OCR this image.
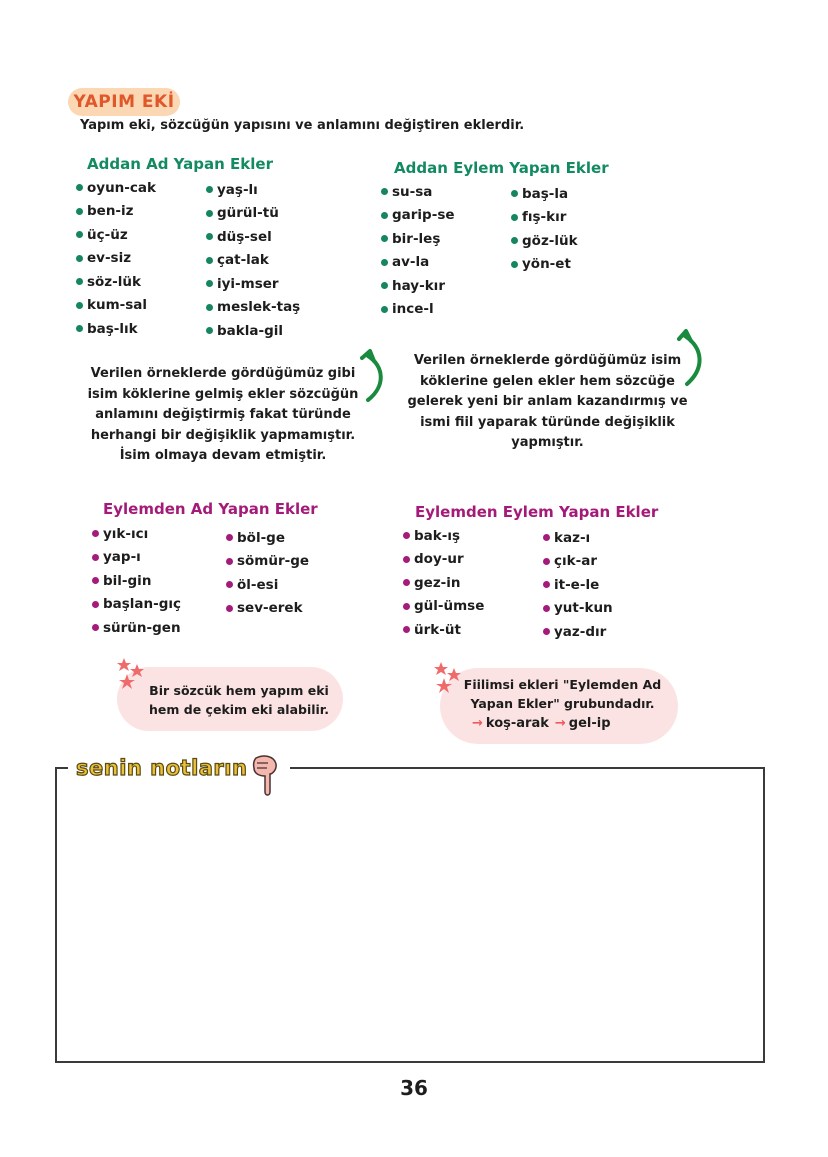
YAPIM EKİ
Yapım eki, sözcüğün yapısını ve anlamını değiştiren eklerdir.
Addan Ad Yapan Ekler
oyun-cak
ben-iz
üç-üz
ev-siz
söz-lük
kum-sal
baş-lık
yaş-lı
gürül-tü
düş-sel
çat-lak
iyi-mser
meslek-taş
bakla-gil
Addan Eylem Yapan Ekler
su-sa
garip-se
bir-leş
av-la
hay-kır
ince-l
baş-la
fış-kır
göz-lük
yön-et
Verilen örneklerde gördüğümüz gibi
isim köklerine gelmiş ekler sözcüğün
anlamını değiştirmiş fakat türünde
herhangi bir değişiklik yapmamıştır.
İsim olmaya devam etmiştir.
Verilen örneklerde gördüğümüz isim
köklerine gelen ekler hem sözcüğe
gelerek yeni bir anlam kazandırmış ve
ismi fiil yaparak türünde değişiklik
yapmıştır.
Eylemden Ad Yapan Ekler
yık-ıcı
yap-ı
bil-gin
başlan-gıç
sürün-gen
böl-ge
sömür-ge
öl-esi
sev-erek
Eylemden Eylem Yapan Ekler
bak-ış
doy-ur
gez-in
gül-ümse
ürk-üt
kaz-ı
çık-ar
it-e-le
yut-kun
yaz-dır
Bir sözcük hem yapım eki
hem de çekim eki alabilir.
Fiilimsi ekleri "Eylemden Ad
Yapan Ekler" grubundadır.
→ koş-arak → gel-ip
senin notların
36
